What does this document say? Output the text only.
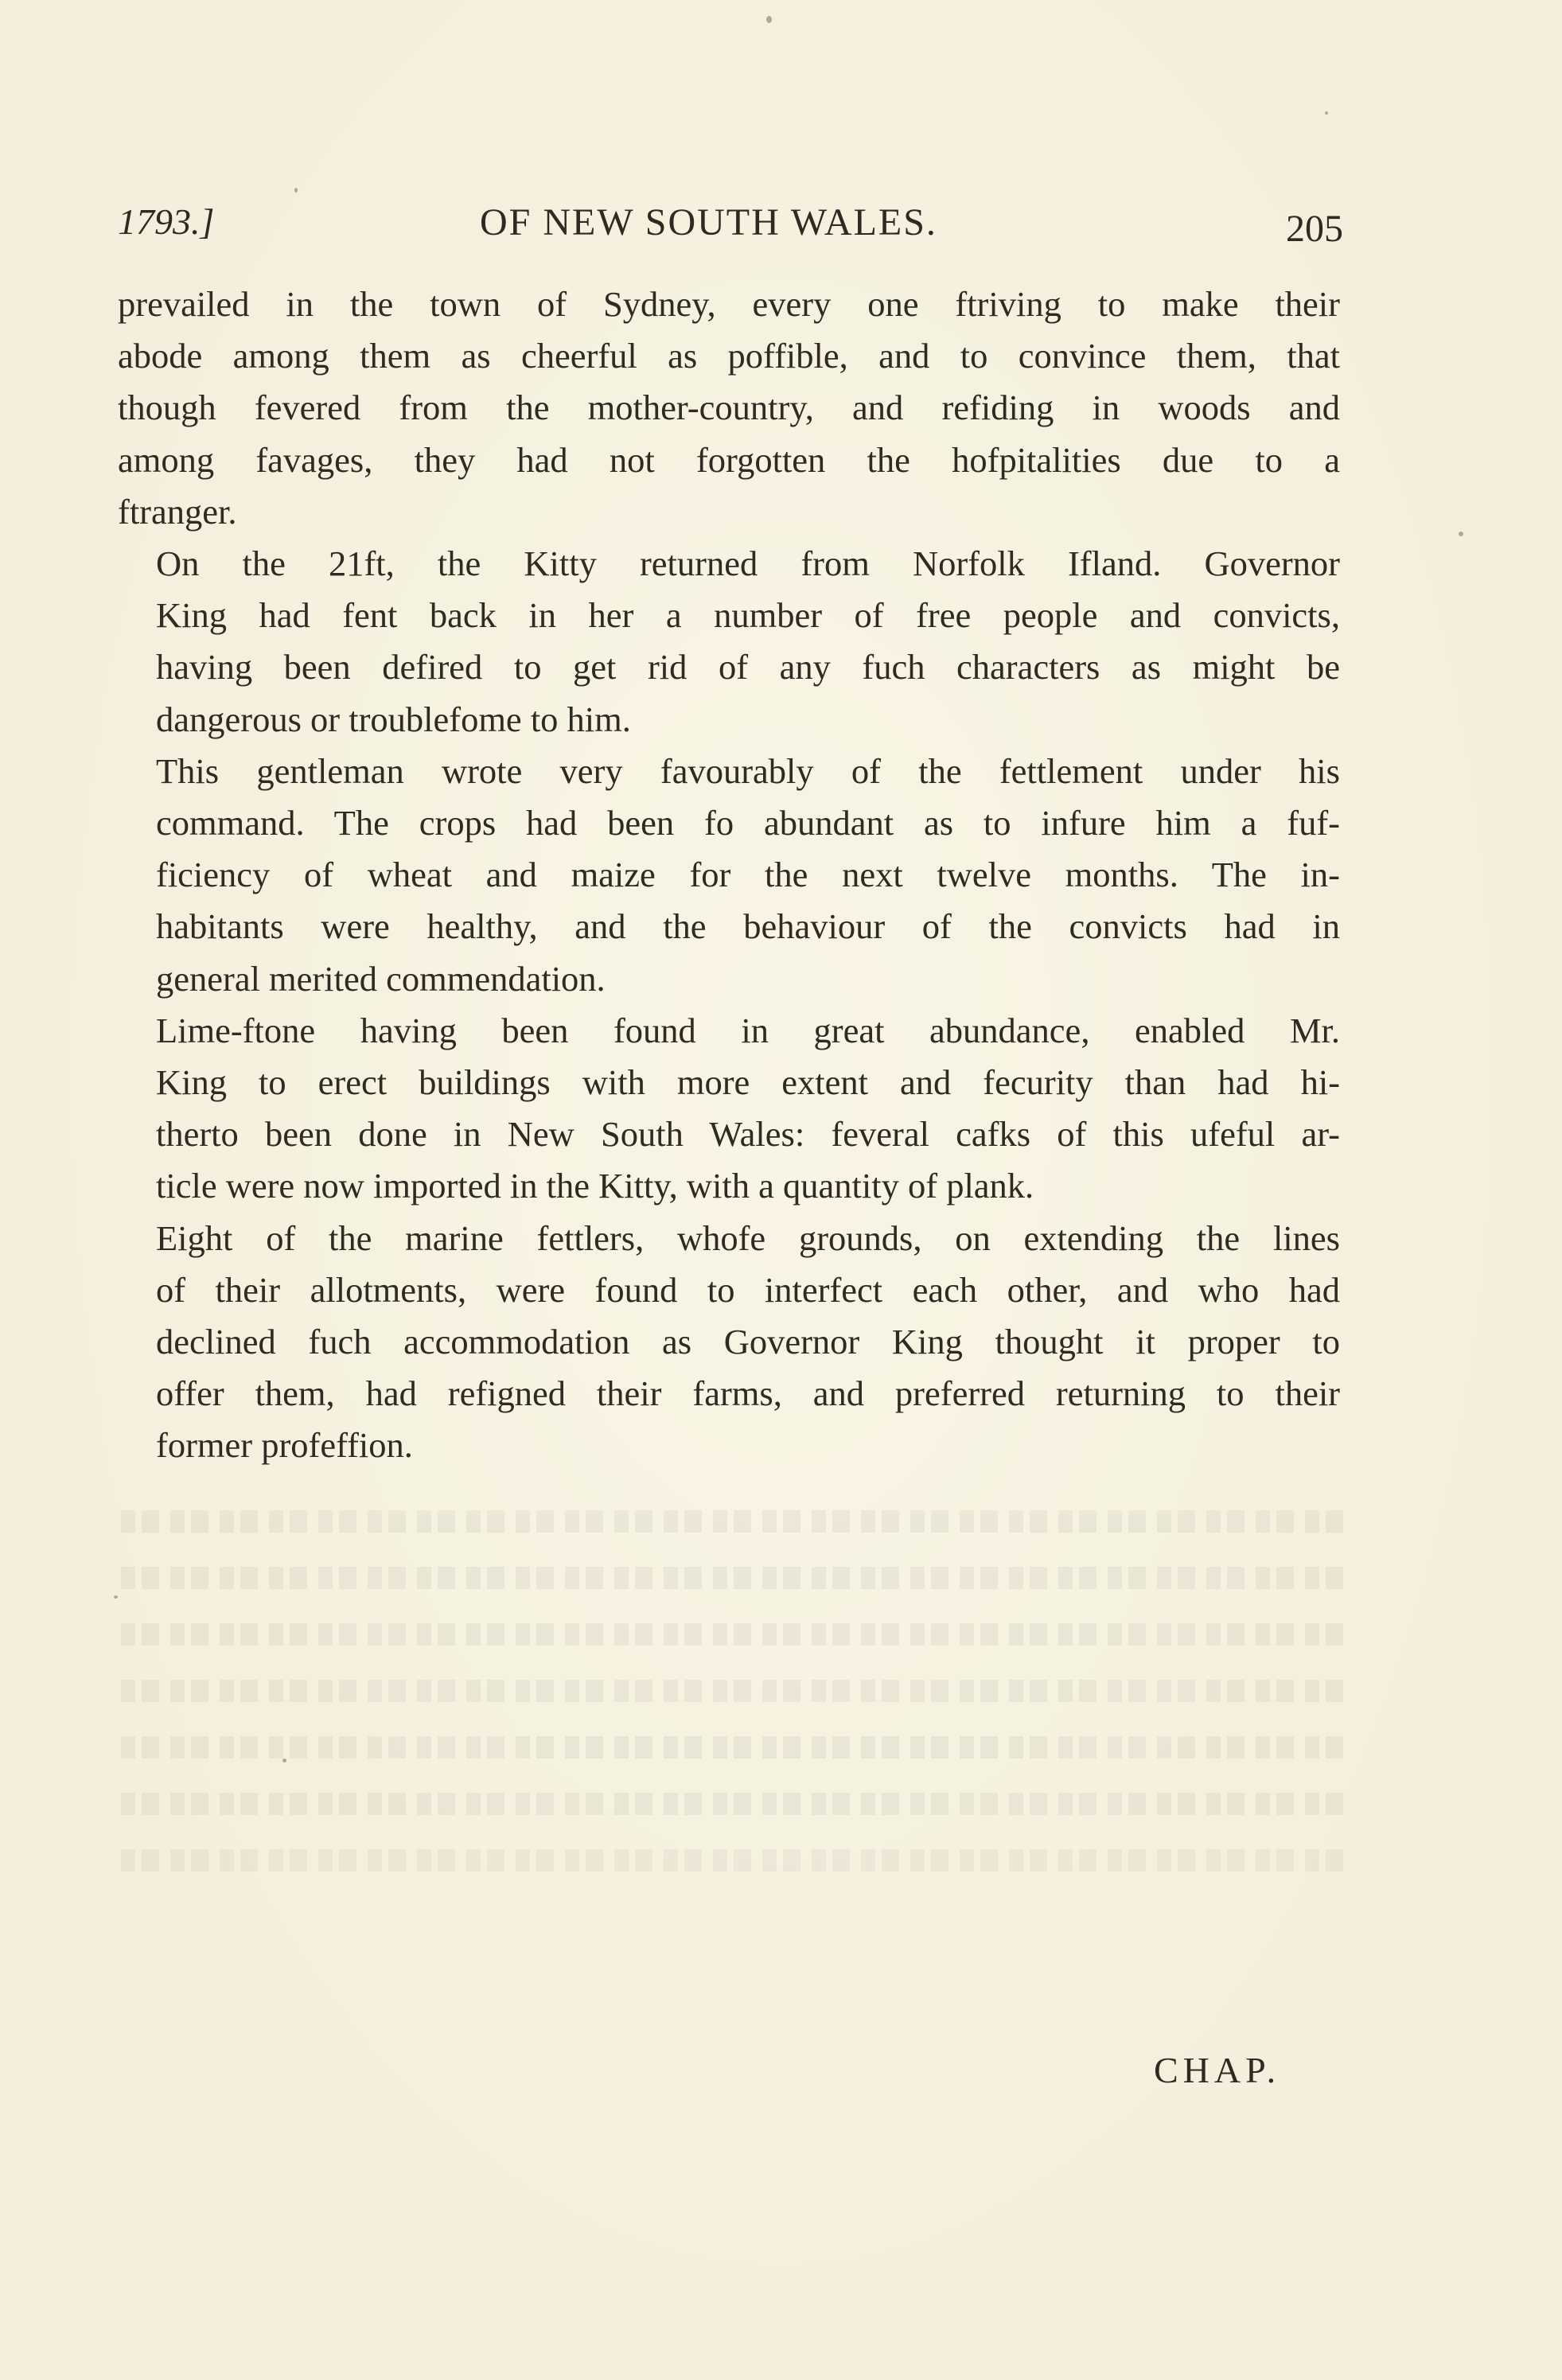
1793.]	OF NEW SOUTH WALES.	205

prevailed in the town of Sydney, every one ftriving to make their
abode among them as cheerful as poffible, and to convince them, that
though fevered from the mother-country, and refiding in woods and
among favages, they had not forgotten the hofpitalities due to a
ftranger.

On the 21ft, the Kitty returned from Norfolk Ifland. Governor
King had fent back in her a number of free people and convicts,
having been defired to get rid of any fuch characters as might be
dangerous or troublefome to him.

This gentleman wrote very favourably of the fettlement under his
command. The crops had been fo abundant as to infure him a fuf-
ficiency of wheat and maize for the next twelve months. The in-
habitants were healthy, and the behaviour of the convicts had in
general merited commendation.

Lime-ftone having been found in great abundance, enabled Mr.
King to erect buildings with more extent and fecurity than had hi-
therto been done in New South Wales: feveral cafks of this ufeful ar-
ticle were now imported in the Kitty, with a quantity of plank.

Eight of the marine fettlers, whofe grounds, on extending the lines
of their allotments, were found to interfect each other, and who had
declined fuch accommodation as Governor King thought it proper to
offer them, had refigned their farms, and preferred returning to their
former profeffion.

CHAP.
